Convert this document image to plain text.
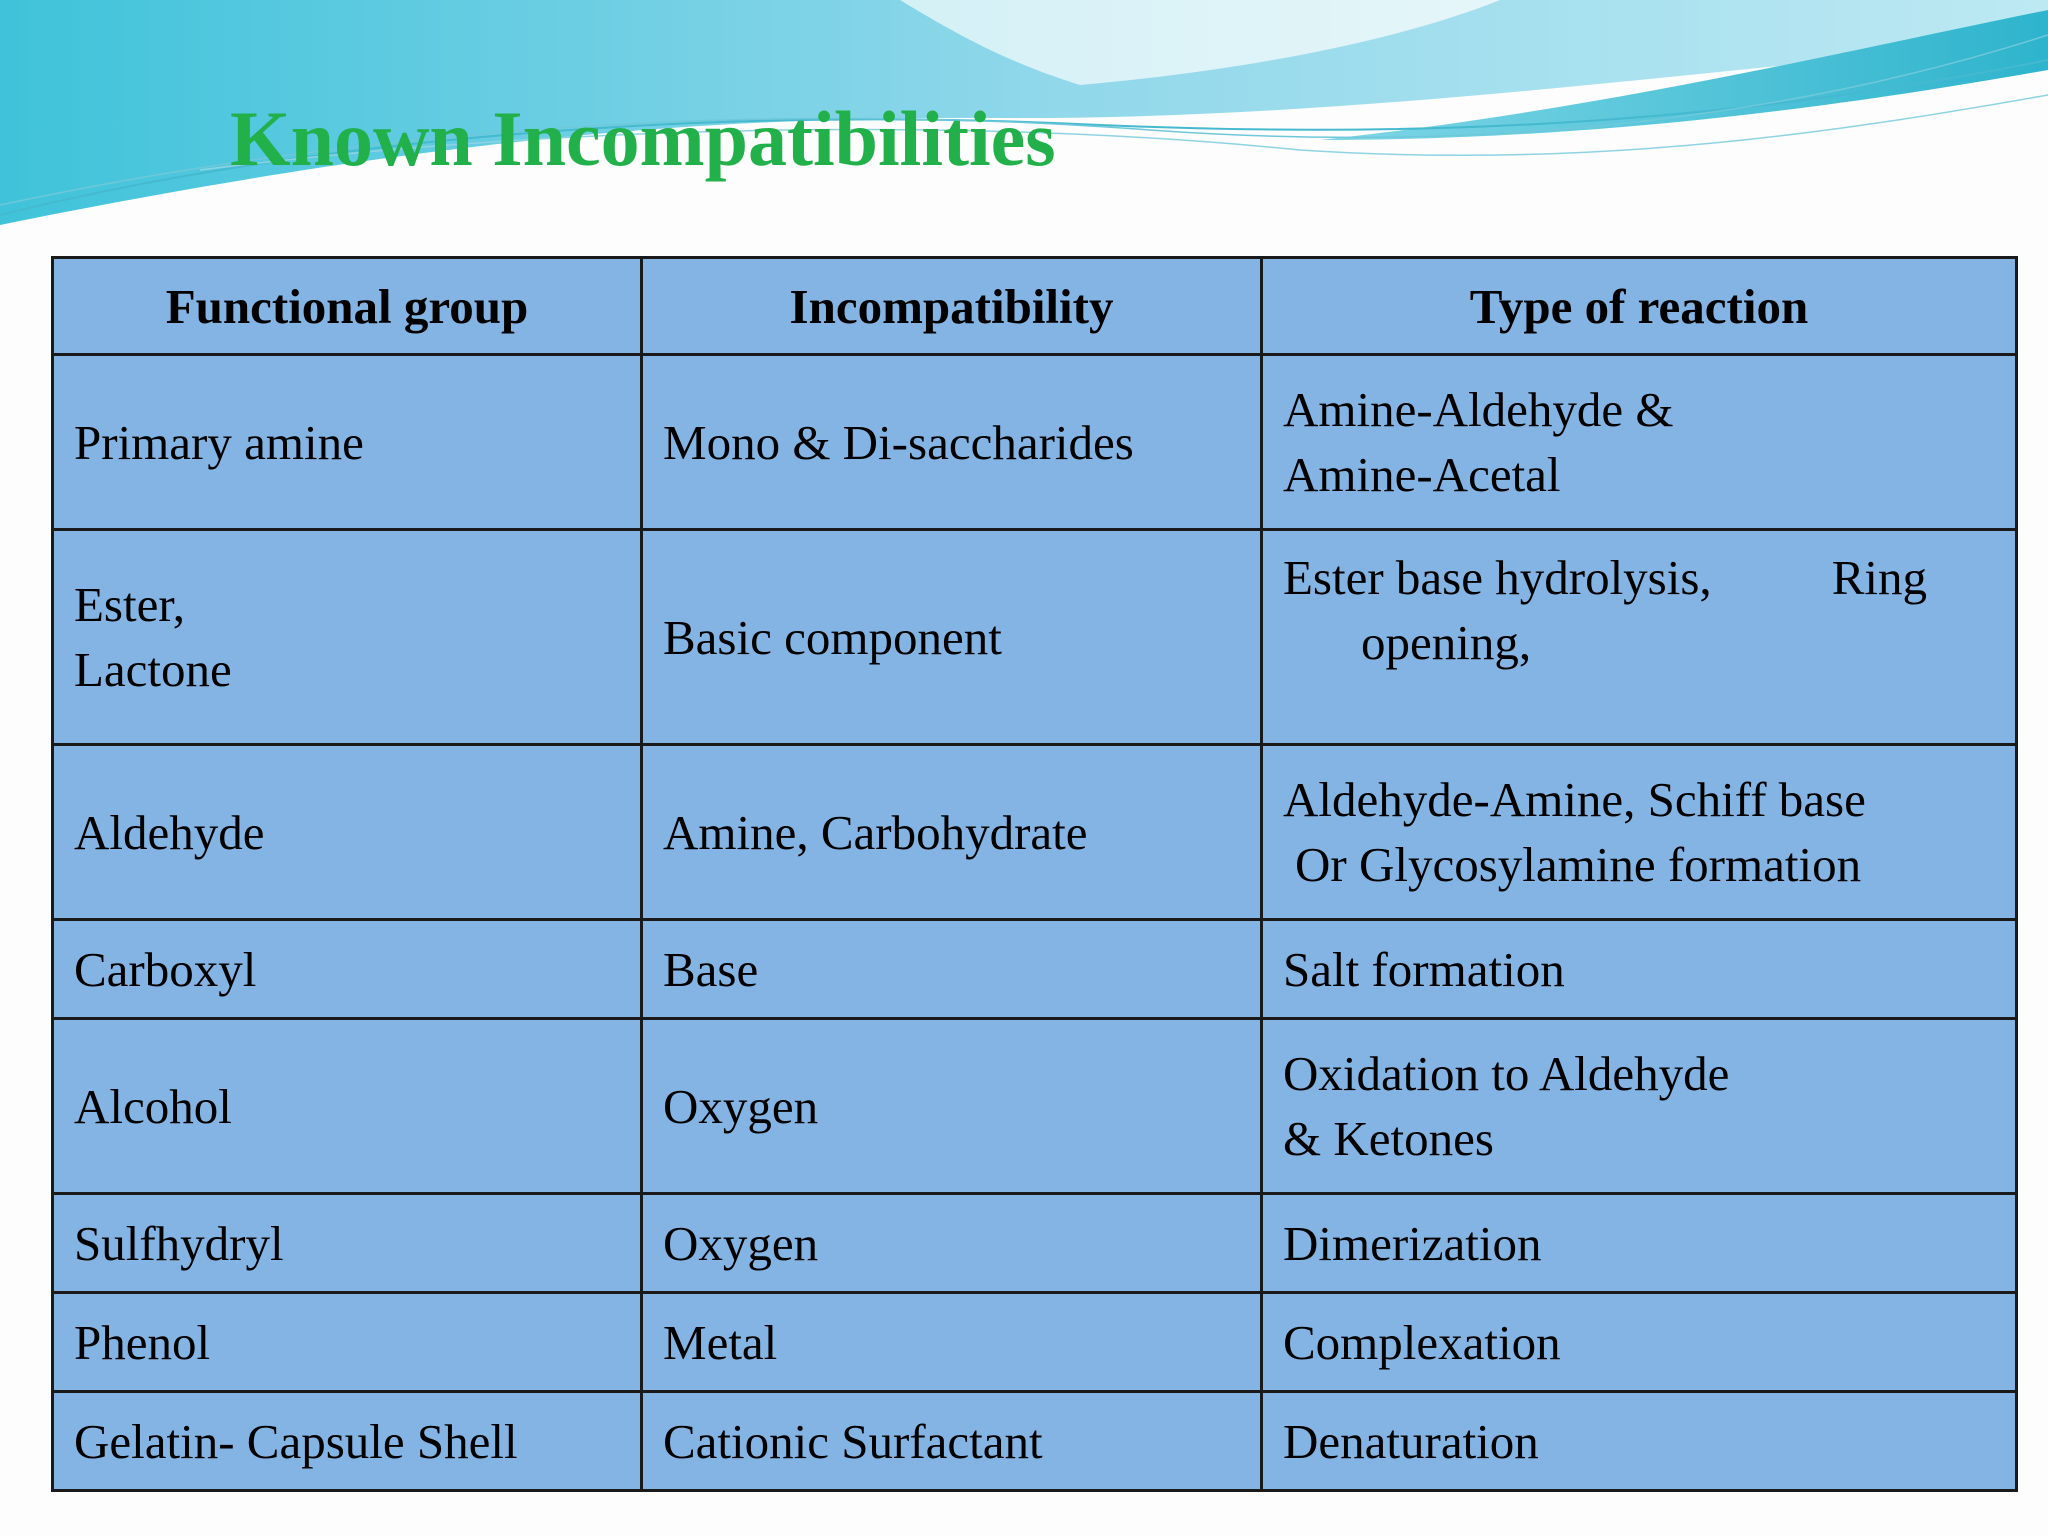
Known Incompatibilities
Functional group	Incompatibility	Type of reaction

Primary amine	Mono & Di-saccharides	Amine-Aldehyde &
Amine-Acetal

Ester,
Lactone	Basic component	Ester base hydrolysis, Ring
opening,

Aldehyde	Amine, Carbohydrate	Aldehyde-Amine, Schiff base
Or Glycosylamine formation

Carboxyl	Base	Salt formation

Alcohol	Oxygen	Oxidation to Aldehyde
& Ketones

Sulfhydryl	Oxygen	Dimerization

Phenol	Metal	Complexation

Gelatin- Capsule Shell	Cationic Surfactant	Denaturation
